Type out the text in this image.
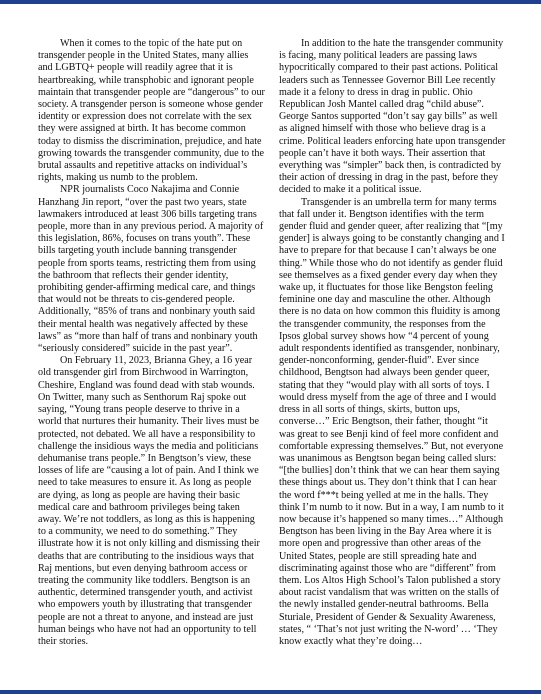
When it comes to the topic of the hate put on transgender people in the United States, many allies and LGBTQ+ people will readily agree that it is heartbreaking, while transphobic and ignorant people maintain that transgender people are “dangerous” to our society. A transgender person is someone whose gender identity or expression does not correlate with the sex they were assigned at birth. It has become common today to dismiss the discrimination, prejudice, and hate growing towards the transgender community, due to the brutal assaults and repetitive attacks on individual’s rights, making us numb to the problem.

NPR journalists Coco Nakajima and Connie Hanzhang Jin report, “over the past two years, state lawmakers introduced at least 306 bills targeting trans people, more than in any previous period. A majority of this legislation, 86%, focuses on trans youth”. These bills targeting youth include banning transgender people from sports teams, restricting them from using the bathroom that reflects their gender identity, prohibiting gender-affirming medical care, and things that would not be threats to cis-gendered people. Additionally, “85% of trans and nonbinary youth said their mental health was negatively affected by these laws” as “more than half of trans and nonbinary youth “seriously considered” suicide in the past year”.

On February 11, 2023, Brianna Ghey, a 16 year old transgender girl from Birchwood in Warrington, Cheshire, England was found dead with stab wounds. On Twitter, many such as Senthorum Raj spoke out saying, “Young trans people deserve to thrive in a world that nurtures their humanity. Their lives must be protected, not debated. We all have a responsibility to challenge the insidious ways the media and politicians dehumanise trans people.” In Bengtson’s view, these losses of life are “causing a lot of pain. And I think we need to take measures to ensure it. As long as people are dying, as long as people are having their basic medical care and bathroom privileges being taken away. We’re not toddlers, as long as this is happening to a community, we need to do something.” They illustrate how it is not only killing and dismissing their deaths that are contributing to the insidious ways that Raj mentions, but even denying bathroom access or treating the community like toddlers. Bengtson is an authentic, determined transgender youth, and activist who empowers youth by illustrating that transgender people are not a threat to anyone, and instead are just human beings who have not had an opportunity to tell their stories.

In addition to the hate the transgender community is facing, many political leaders are passing laws hypocritically compared to their past actions. Political leaders such as Tennessee Governor Bill Lee recently made it a felony to dress in drag in public. Ohio Republican Josh Mantel called drag “child abuse”. George Santos supported “don’t say gay bills” as well as aligned himself with those who believe drag is a crime. Political leaders enforcing hate upon transgender people can’t have it both ways. Their assertion that everything was “simpler” back then, is contradicted by their action of dressing in drag in the past, before they decided to make it a political issue.

Transgender is an umbrella term for many terms that fall under it. Bengtson identifies with the term gender fluid and gender queer, after realizing that “[my gender] is always going to be constantly changing and I have to prepare for that because I can’t always be one thing.” While those who do not identify as gender fluid see themselves as a fixed gender every day when they wake up, it fluctuates for those like Bengston feeling feminine one day and masculine the other. Although there is no data on how common this fluidity is among the transgender community, the responses from the Ipsos global survey shows how “4 percent of young adult respondents identified as transgender, nonbinary, gender-nonconforming, gender-fluid”. Ever since childhood, Bengtson had always been gender queer, stating that they “would play with all sorts of toys. I would dress myself from the age of three and I would dress in all sorts of things, skirts, button ups, converse…” Eric Bengtson, their father, thought “it was great to see Benji kind of feel more confident and comfortable expressing themselves.” But, not everyone was unanimous as Bengtson began being called slurs: “[the bullies] don’t think that we can hear them saying these things about us. They don’t think that I can hear the word f***t being yelled at me in the halls. They think I’m numb to it now. But in a way, I am numb to it now because it’s happened so many times…” Although Bengtson has been living in the Bay Area where it is more open and progressive than other areas of the United States, people are still spreading hate and discriminating against those who are “different” from them. Los Altos High School’s Talon published a story about racist vandalism that was written on the stalls of the newly installed gender-neutral bathrooms. Bella Sturiale, President of Gender & Sexuality Awareness, states, “ ‘That’s not just writing the N-word’ … ‘They know exactly what they’re doing…
